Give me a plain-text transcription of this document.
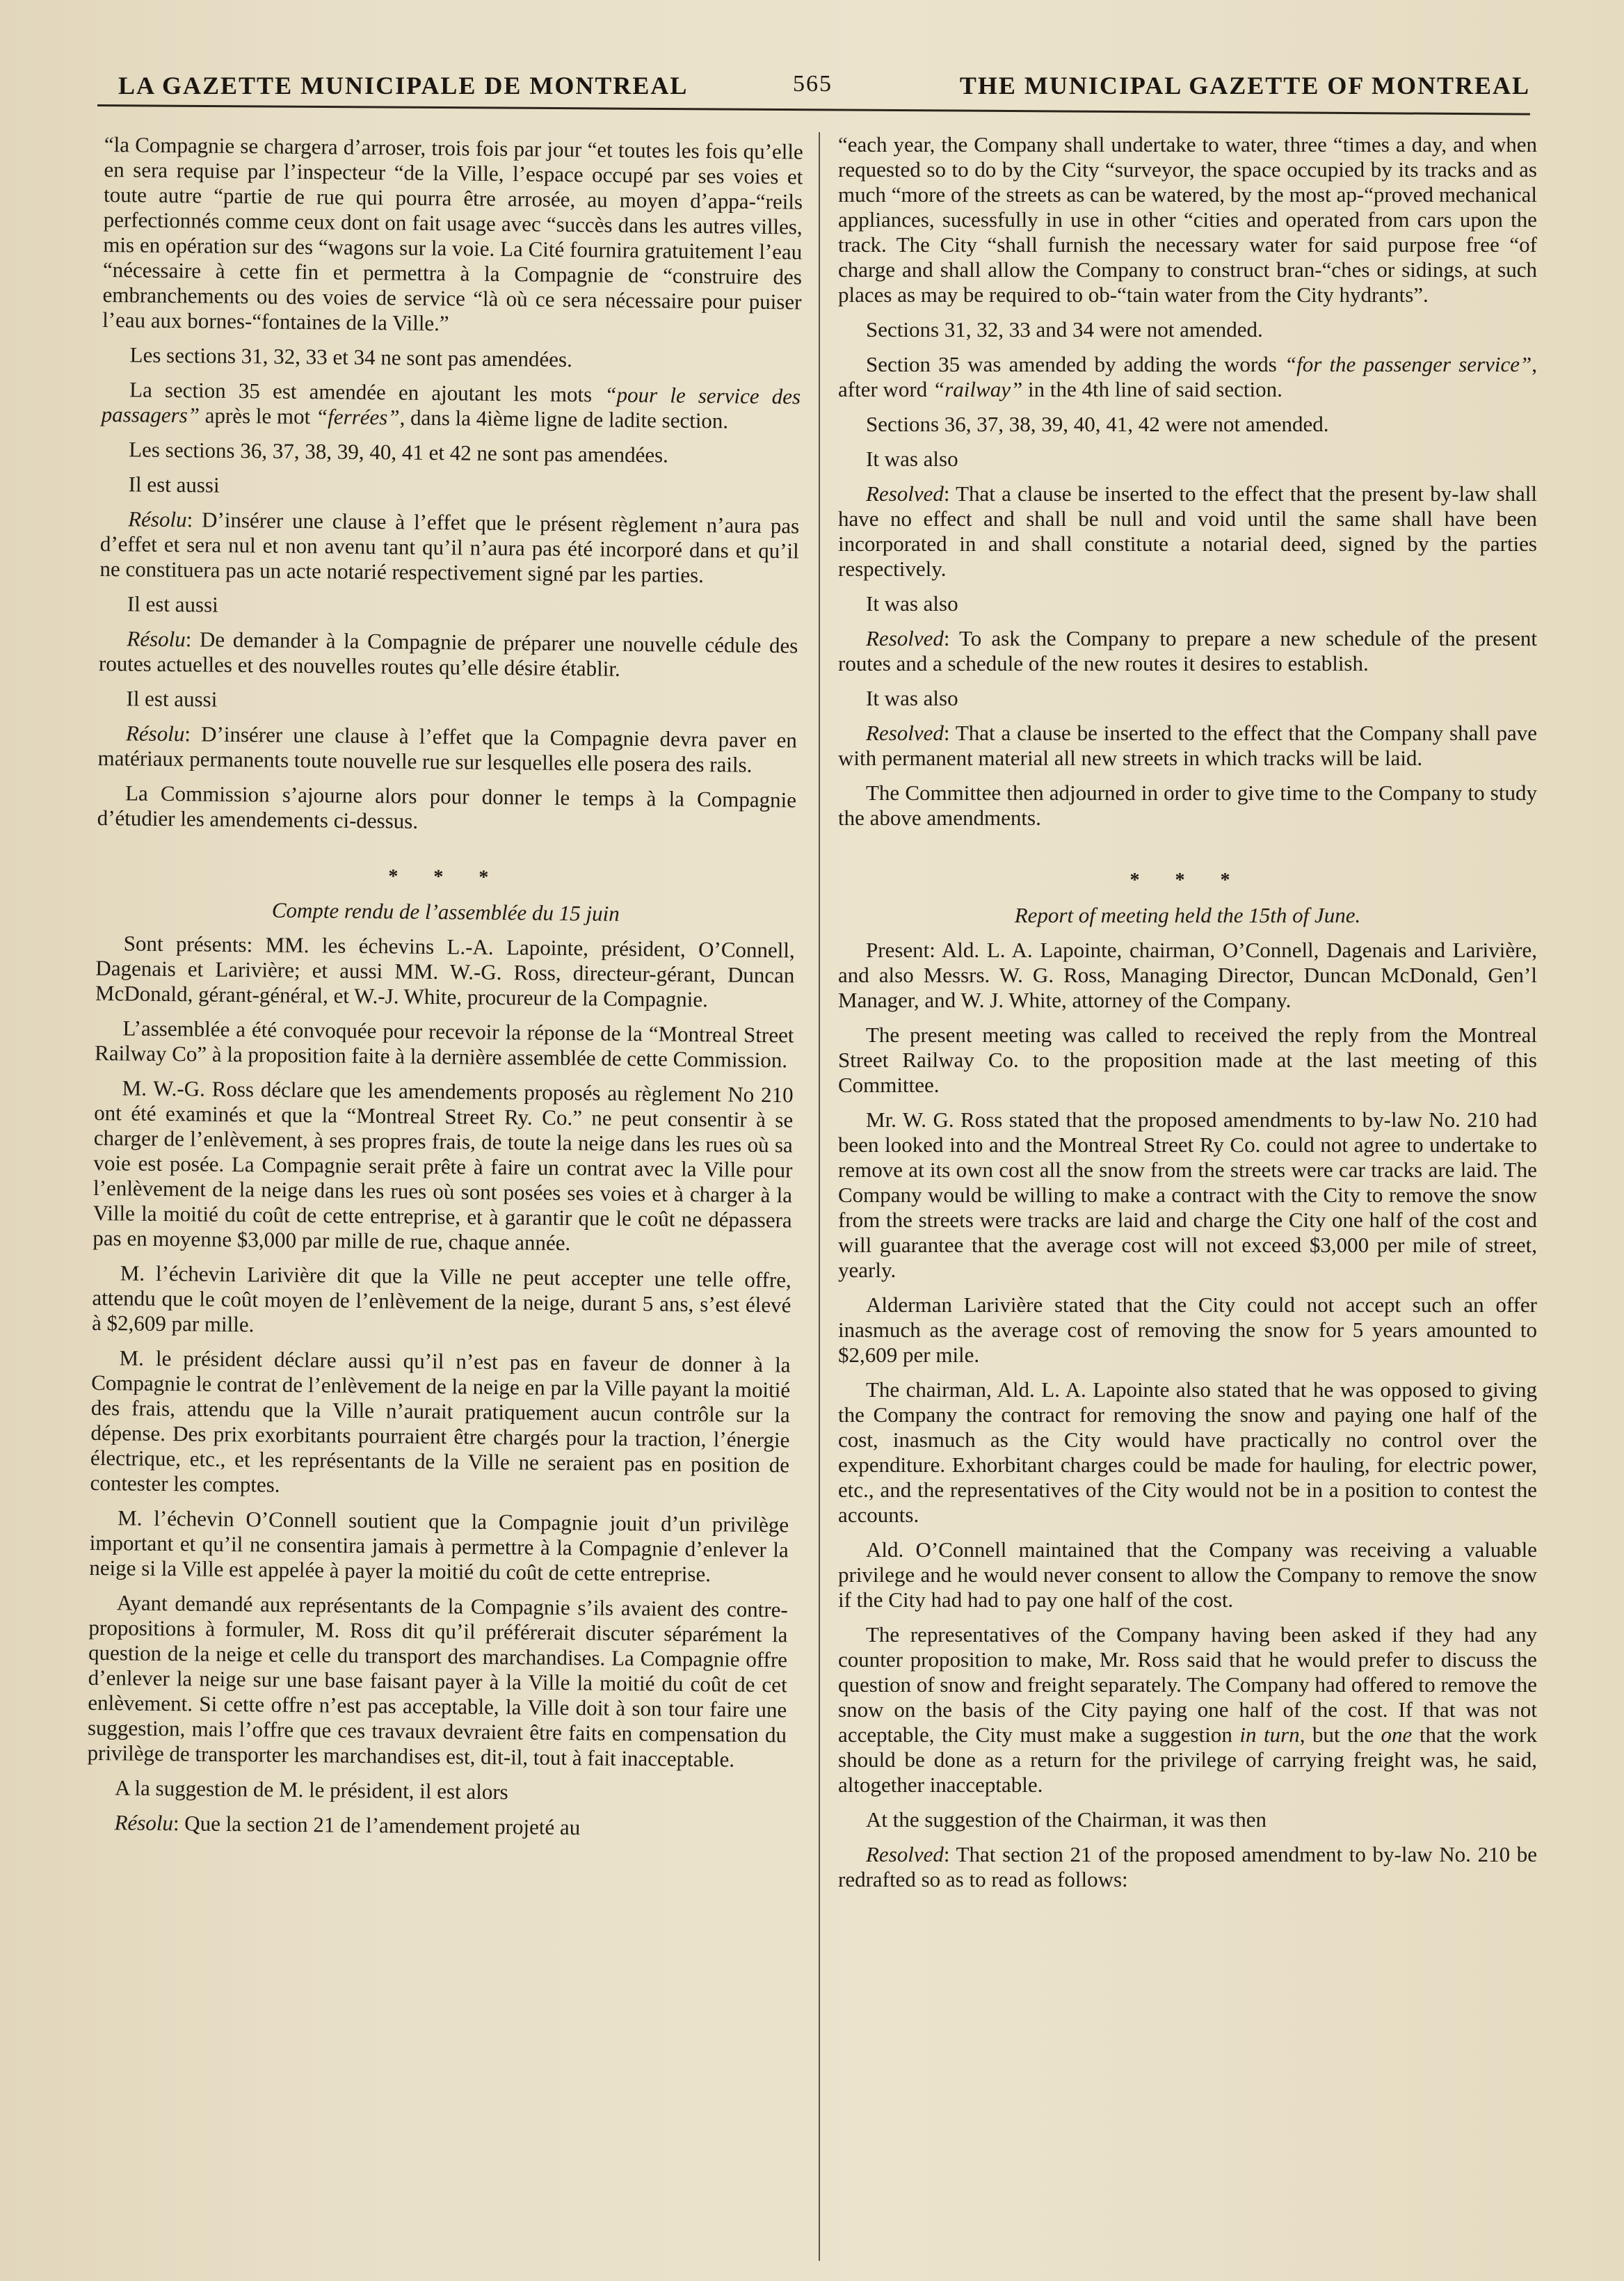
LA GAZETTE MUNICIPALE DE MONTREAL	565	THE MUNICIPAL GAZETTE OF MONTREAL

“la Compagnie se chargera d’arroser, trois fois par jour “et toutes les fois qu’elle en sera requise par l’inspecteur “de la Ville, l’espace occupé par ses voies et toute autre “partie de rue qui pourra être arrosée, au moyen d’appa-“reils perfectionnés comme ceux dont on fait usage avec “succès dans les autres villes, mis en opération sur des “wagons sur la voie. La Cité fournira gratuitement l’eau “nécessaire à cette fin et permettra à la Compagnie de “construire des embranchements ou des voies de service “là où ce sera nécessaire pour puiser l’eau aux bornes-“fontaines de la Ville.”

Les sections 31, 32, 33 et 34 ne sont pas amendées.

La section 35 est amendée en ajoutant les mots “pour le service des passagers” après le mot “ferrées”, dans la 4ième ligne de ladite section.

Les sections 36, 37, 38, 39, 40, 41 et 42 ne sont pas amendées.

Il est aussi

Résolu: D’insérer une clause à l’effet que le présent règlement n’aura pas d’effet et sera nul et non avenu tant qu’il n’aura pas été incorporé dans et qu’il ne constituera pas un acte notarié respectivement signé par les parties.

Il est aussi

Résolu: De demander à la Compagnie de préparer une nouvelle cédule des routes actuelles et des nouvelles routes qu’elle désire établir.

Il est aussi

Résolu: D’insérer une clause à l’effet que la Compagnie devra paver en matériaux permanents toute nouvelle rue sur lesquelles elle posera des rails.

La Commission s’ajourne alors pour donner le temps à la Compagnie d’étudier les amendements ci-dessus.

* * *

Compte rendu de l’assemblée du 15 juin

Sont présents: MM. les échevins L.-A. Lapointe, président, O’Connell, Dagenais et Larivière; et aussi MM. W.-G. Ross, directeur-gérant, Duncan McDonald, gérant-général, et W.-J. White, procureur de la Compagnie.

L’assemblée a été convoquée pour recevoir la réponse de la “Montreal Street Railway Co” à la proposition faite à la dernière assemblée de cette Commission.

M. W.-G. Ross déclare que les amendements proposés au règlement No 210 ont été examinés et que la “Montreal Street Ry. Co.” ne peut consentir à se charger de l’enlèvement, à ses propres frais, de toute la neige dans les rues où sa voie est posée. La Compagnie serait prête à faire un contrat avec la Ville pour l’enlèvement de la neige dans les rues où sont posées ses voies et à charger à la Ville la moitié du coût de cette entreprise, et à garantir que le coût ne dépassera pas en moyenne $3,000 par mille de rue, chaque année.

M. l’échevin Larivière dit que la Ville ne peut accepter une telle offre, attendu que le coût moyen de l’enlèvement de la neige, durant 5 ans, s’est élevé à $2,609 par mille.

M. le président déclare aussi qu’il n’est pas en faveur de donner à la Compagnie le contrat de l’enlèvement de la neige en par la Ville payant la moitié des frais, attendu que la Ville n’aurait pratiquement aucun contrôle sur la dépense. Des prix exorbitants pourraient être chargés pour la traction, l’énergie électrique, etc., et les représentants de la Ville ne seraient pas en position de contester les comptes.

M. l’échevin O’Connell soutient que la Compagnie jouit d’un privilège important et qu’il ne consentira jamais à permettre à la Compagnie d’enlever la neige si la Ville est appelée à payer la moitié du coût de cette entreprise.

Ayant demandé aux représentants de la Compagnie s’ils avaient des contre-propositions à formuler, M. Ross dit qu’il préférerait discuter séparément la question de la neige et celle du transport des marchandises. La Compagnie offre d’enlever la neige sur une base faisant payer à la Ville la moitié du coût de cet enlèvement. Si cette offre n’est pas acceptable, la Ville doit à son tour faire une suggestion, mais l’offre que ces travaux devraient être faits en compensation du privilège de transporter les marchandises est, dit-il, tout à fait inacceptable.

A la suggestion de M. le président, il est alors

Résolu: Que la section 21 de l’amendement projeté au

“each year, the Company shall undertake to water, three “times a day, and when requested so to do by the City “surveyor, the space occupied by its tracks and as much “more of the streets as can be watered, by the most ap-“proved mechanical appliances, sucessfully in use in other “cities and operated from cars upon the track. The City “shall furnish the necessary water for said purpose free “of charge and shall allow the Company to construct bran-“ches or sidings, at such places as may be required to ob-“tain water from the City hydrants”.

Sections 31, 32, 33 and 34 were not amended.

Section 35 was amended by adding the words “for the passenger service”, after word “railway” in the 4th line of said section.

Sections 36, 37, 38, 39, 40, 41, 42 were not amended.

It was also

Resolved: That a clause be inserted to the effect that the present by-law shall have no effect and shall be null and void until the same shall have been incorporated in and shall constitute a notarial deed, signed by the parties respectively.

It was also

Resolved: To ask the Company to prepare a new schedule of the present routes and a schedule of the new routes it desires to establish.

It was also

Resolved: That a clause be inserted to the effect that the Company shall pave with permanent material all new streets in which tracks will be laid.

The Committee then adjourned in order to give time to the Company to study the above amendments.

* * *

Report of meeting held the 15th of June.

Present: Ald. L. A. Lapointe, chairman, O’Connell, Dagenais and Larivière, and also Messrs. W. G. Ross, Managing Director, Duncan McDonald, Gen’l Manager, and W. J. White, attorney of the Company.

The present meeting was called to received the reply from the Montreal Street Railway Co. to the proposition made at the last meeting of this Committee.

Mr. W. G. Ross stated that the proposed amendments to by-law No. 210 had been looked into and the Montreal Street Ry Co. could not agree to undertake to remove at its own cost all the snow from the streets were car tracks are laid. The Company would be willing to make a contract with the City to remove the snow from the streets were tracks are laid and charge the City one half of the cost and will guarantee that the average cost will not exceed $3,000 per mile of street, yearly.

Alderman Larivière stated that the City could not accept such an offer inasmuch as the average cost of removing the snow for 5 years amounted to $2,609 per mile.

The chairman, Ald. L. A. Lapointe also stated that he was opposed to giving the Company the contract for removing the snow and paying one half of the cost, inasmuch as the City would have practically no control over the expenditure. Exhorbitant charges could be made for hauling, for electric power, etc., and the representatives of the City would not be in a position to contest the accounts.

Ald. O’Connell maintained that the Company was receiving a valuable privilege and he would never consent to allow the Company to remove the snow if the City had had to pay one half of the cost.

The representatives of the Company having been asked if they had any counter proposition to make, Mr. Ross said that he would prefer to discuss the question of snow and freight separately. The Company had offered to remove the snow on the basis of the City paying one half of the cost. If that was not acceptable, the City must make a suggestion in turn, but the one that the work should be done as a return for the privilege of carrying freight was, he said, altogether inacceptable.

At the suggestion of the Chairman, it was then

Resolved: That section 21 of the proposed amendment to by-law No. 210 be redrafted so as to read as follows:
